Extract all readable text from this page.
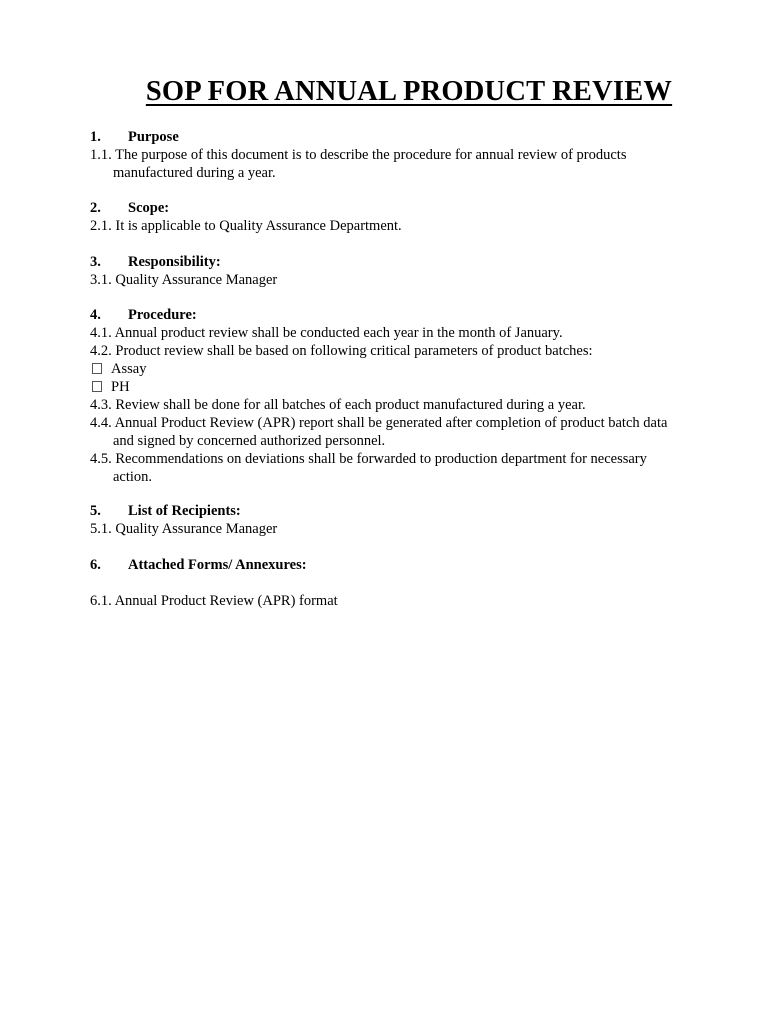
SOP FOR ANNUAL PRODUCT REVIEW
1. Purpose
1.1. The purpose of this document is to describe the procedure for annual review of products
manufactured during a year.
2. Scope:
2.1. It is applicable to Quality Assurance Department.
3. Responsibility:
3.1. Quality Assurance Manager
4. Procedure:
4.1. Annual product review shall be conducted each year in the month of January.
4.2. Product review shall be based on following critical parameters of product batches:
Assay
PH
4.3. Review shall be done for all batches of each product manufactured during a year.
4.4. Annual Product Review (APR) report shall be generated after completion of product batch data
and signed by concerned authorized personnel.
4.5. Recommendations on deviations shall be forwarded to production department for necessary
action.
5. List of Recipients:
5.1. Quality Assurance Manager
6. Attached Forms/ Annexures:
6.1. Annual Product Review (APR) format
